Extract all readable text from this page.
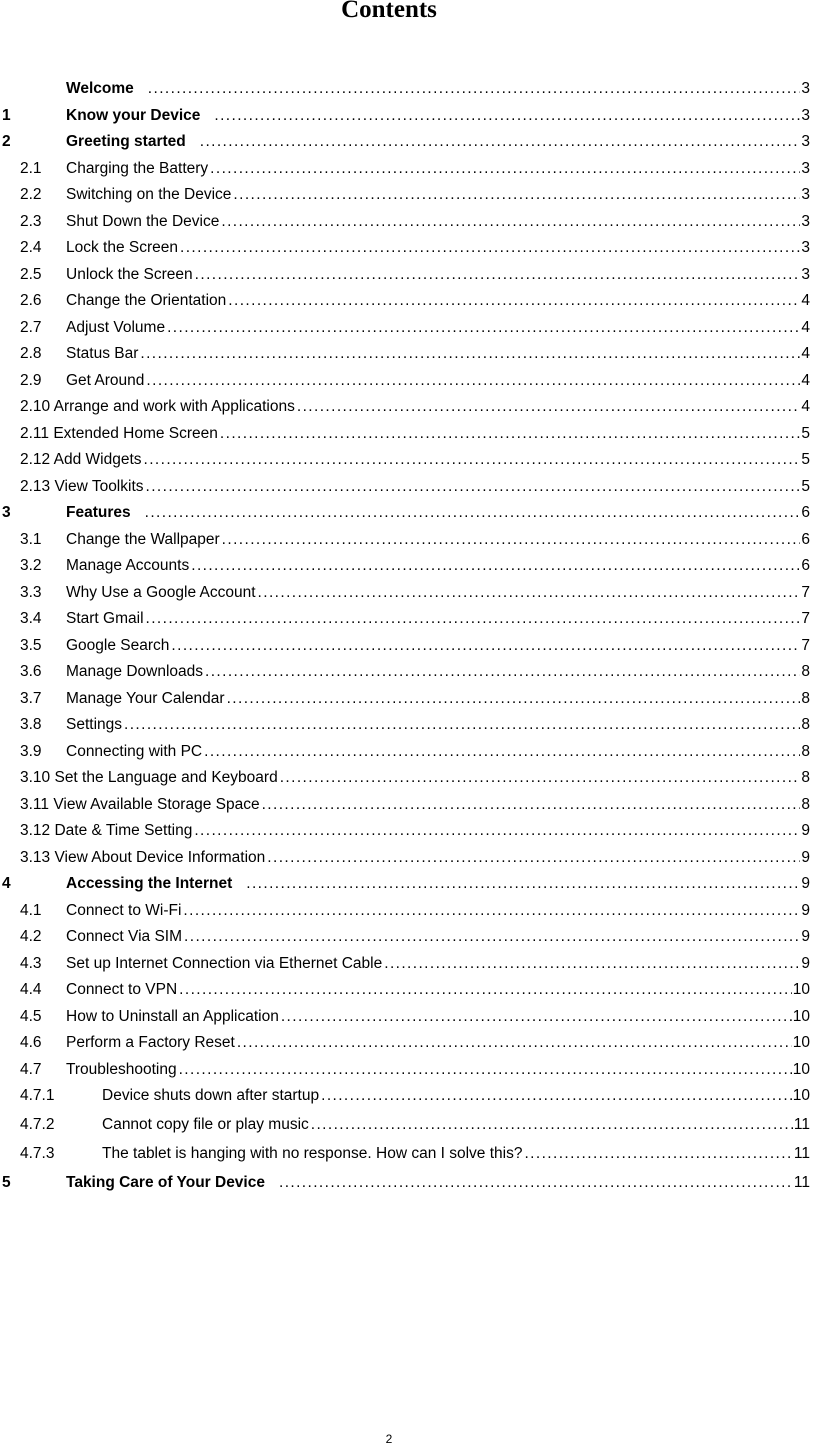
Contents
Welcome .....	3
1	Know your Device .....	3
2	Greeting started .....	3
2.1 Charging the Battery .....	3
2.2 Switching on the Device .....	3
2.3 Shut Down the Device .....	3
2.4 Lock the Screen .....	3
2.5 Unlock the Screen .....	3
2.6 Change the Orientation .....	4
2.7 Adjust Volume .....	4
2.8 Status Bar .....	4
2.9 Get Around .....	4
2.10 Arrange and work with Applications .....	4
2.11 Extended Home Screen .....	5
2.12 Add Widgets .....	5
2.13 View Toolkits .....	5
3	Features .....	6
3.1 Change the Wallpaper .....	6
3.2 Manage Accounts .....	6
3.3 Why Use a Google Account .....	7
3.4 Start Gmail .....	7
3.5 Google Search .....	7
3.6 Manage Downloads .....	8
3.7 Manage Your Calendar .....	8
3.8 Settings .....	8
3.9 Connecting with PC .....	8
3.10 Set the Language and Keyboard .....	8
3.11 View Available Storage Space .....	8
3.12 Date & Time Setting .....	9
3.13 View About Device Information .....	9
4	Accessing the Internet .....	9
4.1 Connect to Wi-Fi .....	9
4.2 Connect Via SIM .....	9
4.3 Set up Internet Connection via Ethernet Cable .....	9
4.4 Connect to VPN .....	10
4.5 How to Uninstall an Application .....	10
4.6 Perform a Factory Reset .....	10
4.7 Troubleshooting .....	10
4.7.1	Device shuts down after startup .....	10
4.7.2	Cannot copy file or play music .....	11
4.7.3	The tablet is hanging with no response. How can I solve this? .....	11
5	Taking Care of Your Device .....	11
2
